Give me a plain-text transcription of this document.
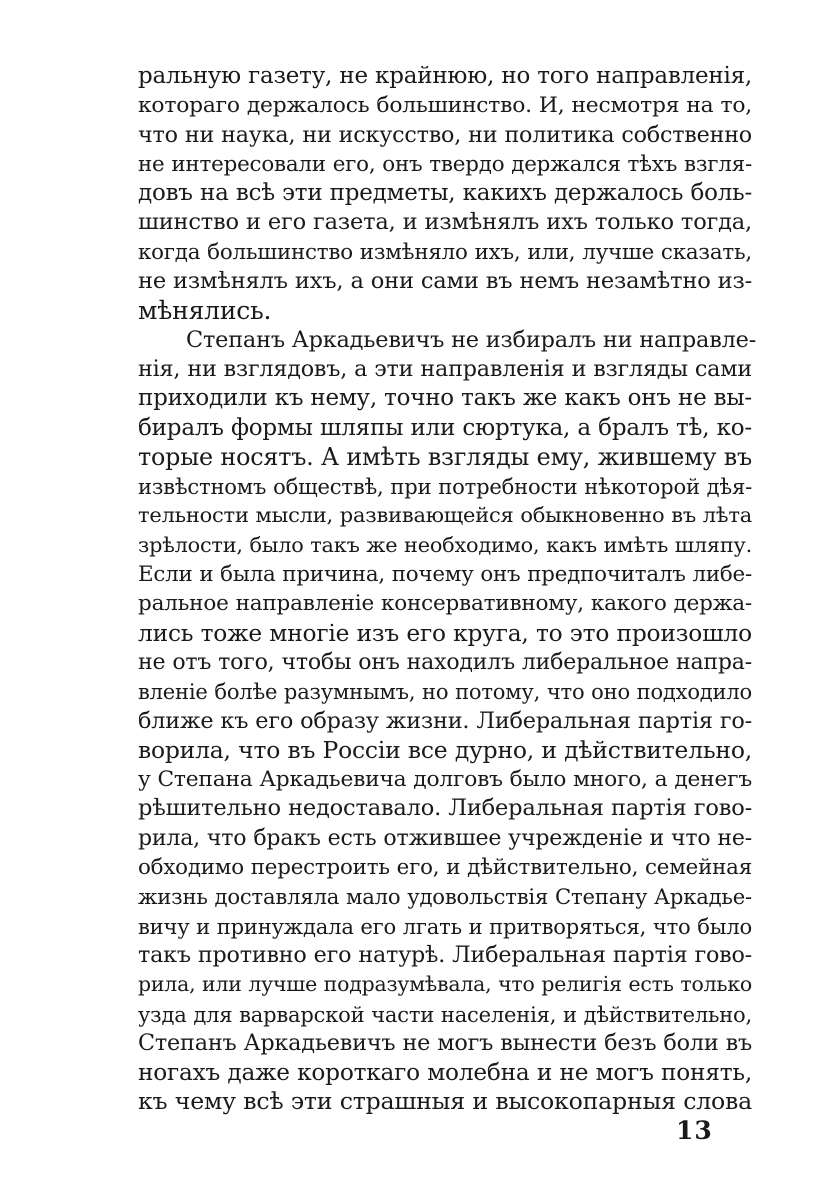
ральную газету, не крайнюю, но того направленія,
котораго держалось большинство. И, несмотря на то,
что ни наука, ни искусство, ни политика собственно
не интересовали его, онъ твердо держался тѣхъ взгля-
довъ на всѣ эти предметы, какихъ держалось боль-
шинство и его газета, и измѣнялъ ихъ только тогда,
когда большинство измѣняло ихъ, или, лучше сказать,
не измѣнялъ ихъ, а они сами въ немъ незамѣтно из-
мѣнялись.
Степанъ Аркадьевичъ не избиралъ ни направле-
нія, ни взглядовъ, а эти направленія и взгляды сами
приходили къ нему, точно такъ же какъ онъ не вы-
биралъ формы шляпы или сюртука, а бралъ тѣ, ко-
торые носятъ. А имѣть взгляды ему, жившему въ
извѣстномъ обществѣ, при потребности нѣкоторой дѣя-
тельности мысли, развивающейся обыкновенно въ лѣта
зрѣлости, было такъ же необходимо, какъ имѣть шляпу.
Если и была причина, почему онъ предпочиталъ либе-
ральное направленіе консервативному, какого держа-
лись тоже многіе изъ его круга, то это произошло
не отъ того, чтобы онъ находилъ либеральное напра-
вленіе болѣе разумнымъ, но потому, что оно подходило
ближе къ его образу жизни. Либеральная партія го-
ворила, что въ Россіи все дурно, и дѣйствительно,
у Степана Аркадьевича долговъ было много, а денегъ
рѣшительно недоставало. Либеральная партія гово-
рила, что бракъ есть отжившее учрежденіе и что не-
обходимо перестроить его, и дѣйствительно, семейная
жизнь доставляла мало удовольствія Степану Аркадье-
вичу и принуждала его лгать и притворяться, что было
такъ противно его натурѣ. Либеральная партія гово-
рила, или лучше подразумѣвала, что религія есть только
узда для варварской части населенія, и дѣйствительно,
Степанъ Аркадьевичъ не могъ вынести безъ боли въ
ногахъ даже короткаго молебна и не могъ понять,
къ чему всѣ эти страшныя и высокопарныя слова
13
